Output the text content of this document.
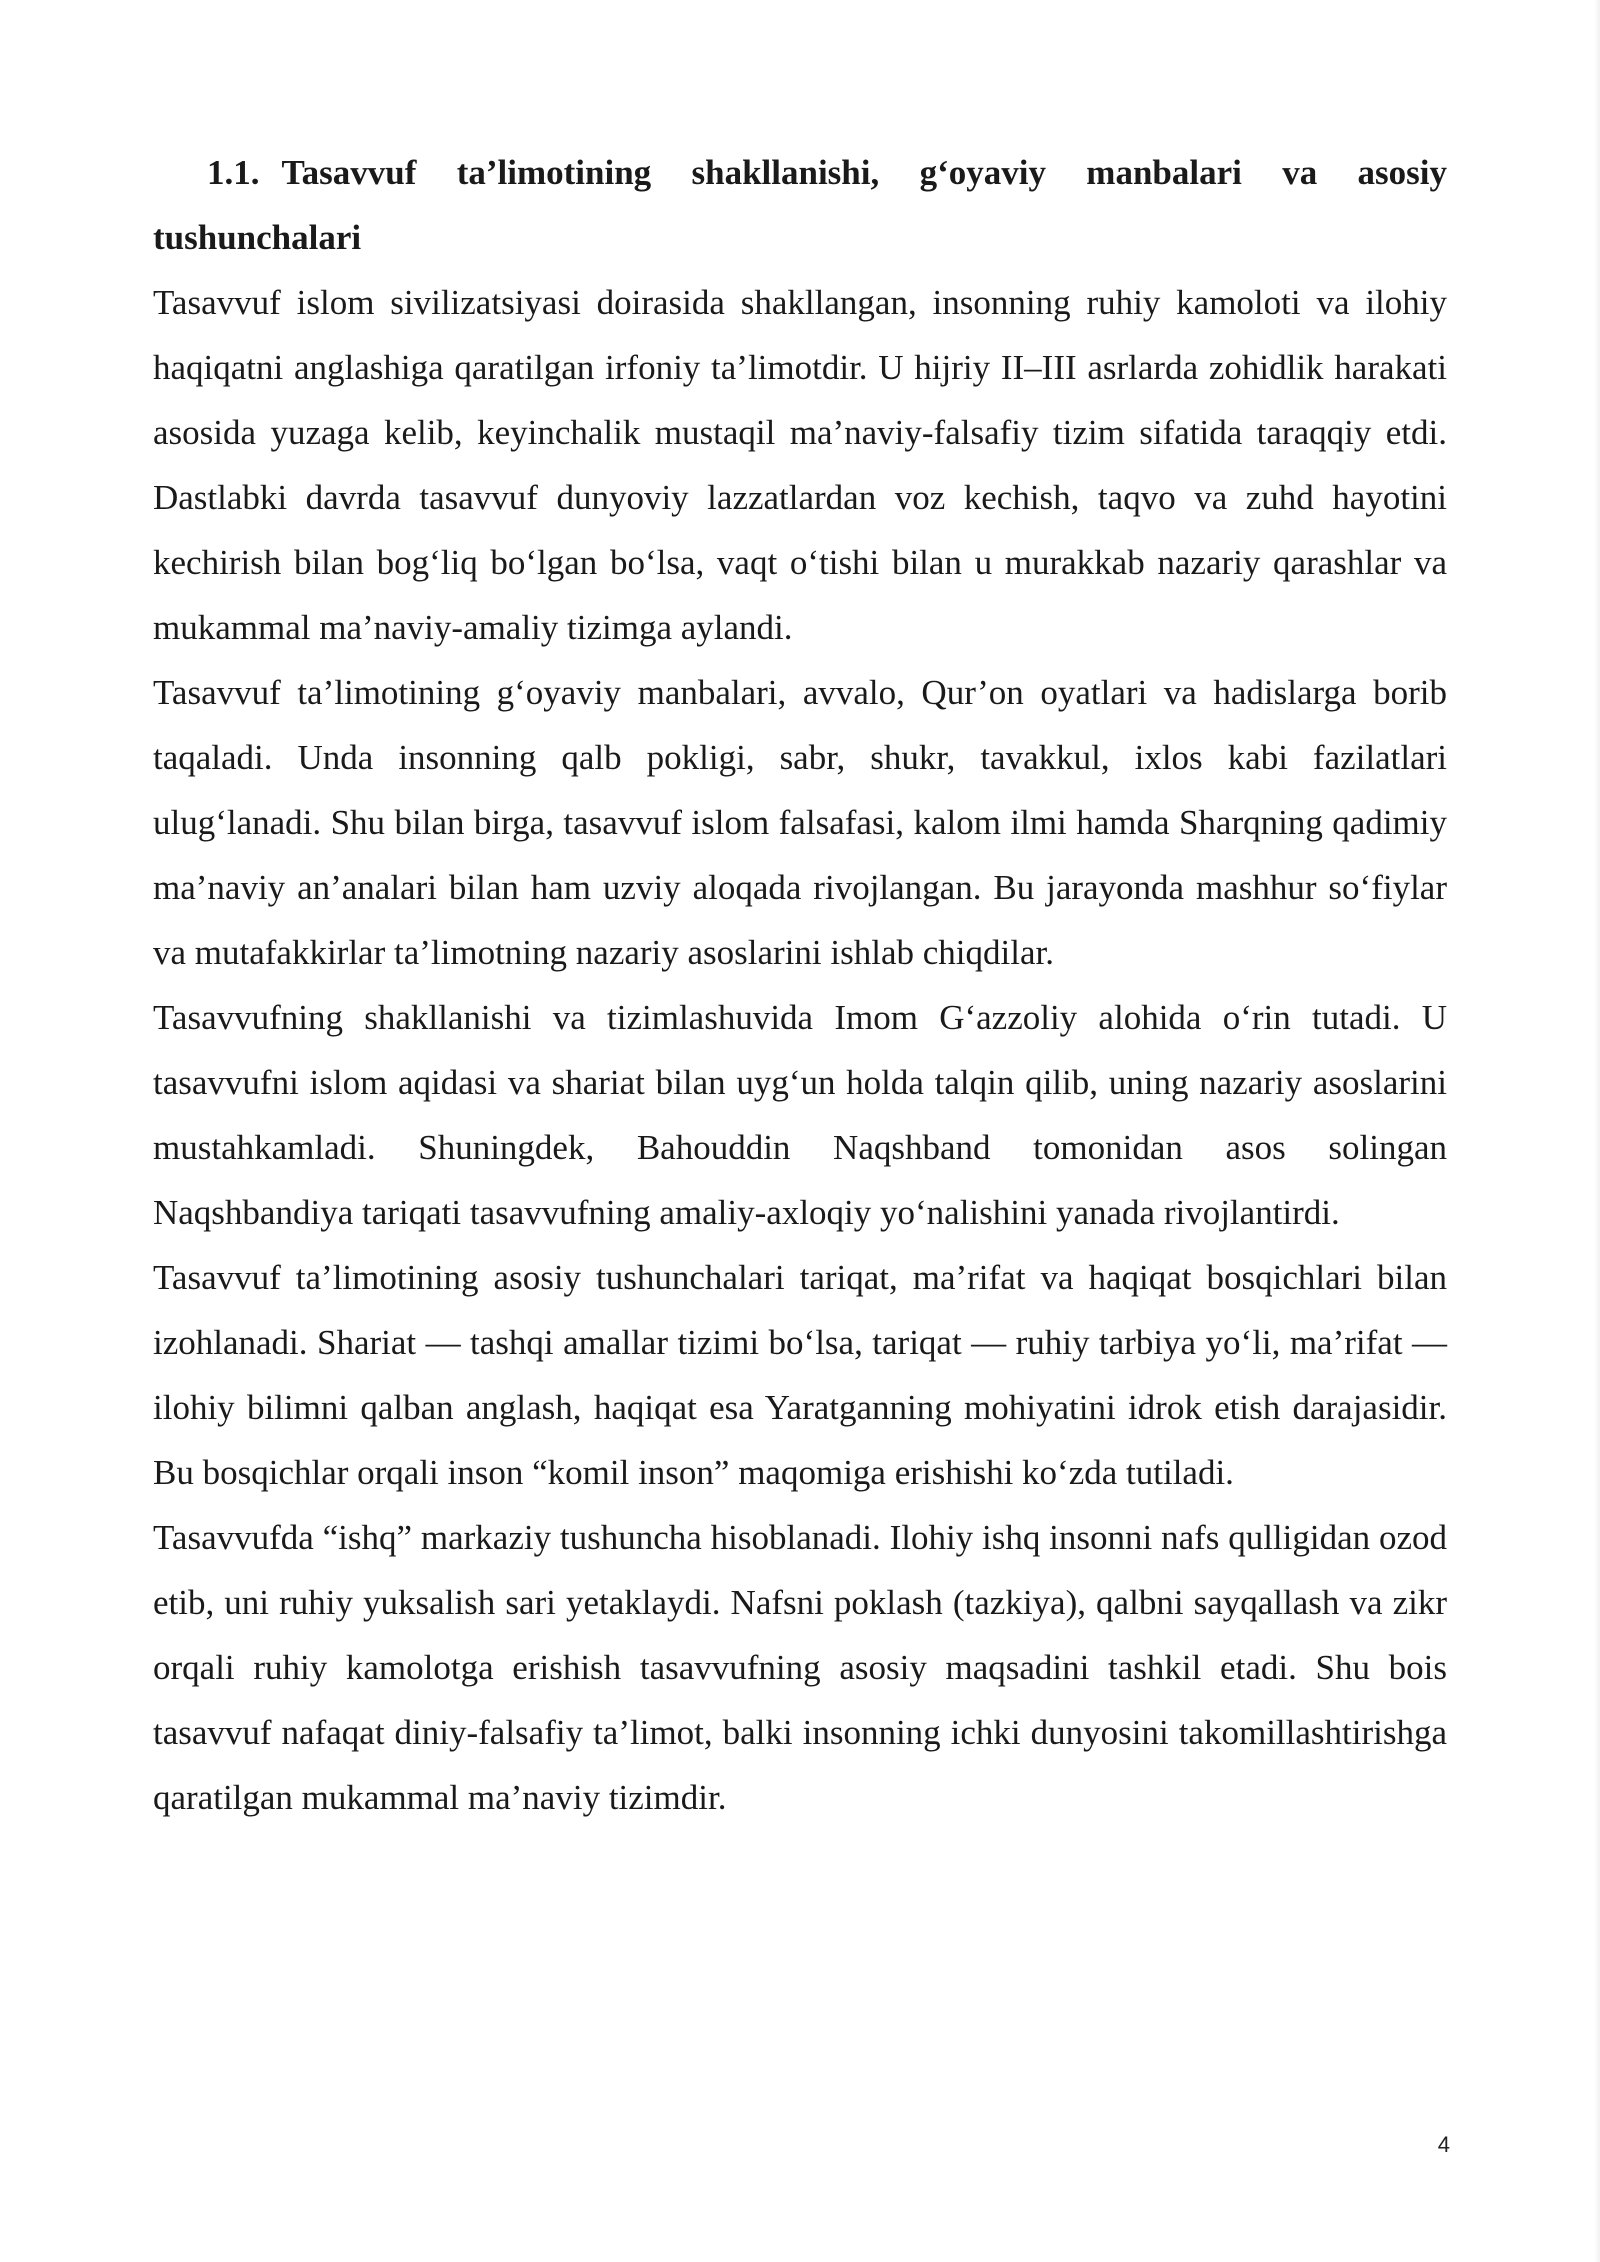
1.1. Tasavvuf ta’limotining shakllanishi, g‘oyaviy manbalari va asosiy tushunchalari

Tasavvuf islom sivilizatsiyasi doirasida shakllangan, insonning ruhiy kamoloti va ilohiy haqiqatni anglashiga qaratilgan irfoniy ta’limotdir. U hijriy II–III asrlarda zohidlik harakati asosida yuzaga kelib, keyinchalik mustaqil ma’naviy-falsafiy tizim sifatida taraqqiy etdi. Dastlabki davrda tasavvuf dunyoviy lazzatlardan voz kechish, taqvo va zuhd hayotini kechirish bilan bog‘liq bo‘lgan bo‘lsa, vaqt o‘tishi bilan u murakkab nazariy qarashlar va mukammal ma’naviy-amaliy tizimga aylandi.

Tasavvuf ta’limotining g‘oyaviy manbalari, avvalo, Qur’on oyatlari va hadislarga borib taqaladi. Unda insonning qalb pokligi, sabr, shukr, tavakkul, ixlos kabi fazilatlari ulug‘lanadi. Shu bilan birga, tasavvuf islom falsafasi, kalom ilmi hamda Sharqning qadimiy ma’naviy an’analari bilan ham uzviy aloqada rivojlangan. Bu jarayonda mashhur so‘fiylar va mutafakkirlar ta’limotning nazariy asoslarini ishlab chiqdilar.

Tasavvufning shakllanishi va tizimlashuvida Imom G‘azzoliy alohida o‘rin tutadi. U tasavvufni islom aqidasi va shariat bilan uyg‘un holda talqin qilib, uning nazariy asoslarini mustahkamladi. Shuningdek, Bahouddin Naqshband tomonidan asos solingan Naqshbandiya tariqati tasavvufning amaliy-axloqiy yo‘nalishini yanada rivojlantirdi.

Tasavvuf ta’limotining asosiy tushunchalari tariqat, ma’rifat va haqiqat bosqichlari bilan izohlanadi. Shariat — tashqi amallar tizimi bo‘lsa, tariqat — ruhiy tarbiya yo‘li, ma’rifat — ilohiy bilimni qalban anglash, haqiqat esa Yaratganning mohiyatini idrok etish darajasidir. Bu bosqichlar orqali inson “komil inson” maqomiga erishishi ko‘zda tutiladi.

Tasavvufda “ishq” markaziy tushuncha hisoblanadi. Ilohiy ishq insonni nafs qulligidan ozod etib, uni ruhiy yuksalish sari yetaklaydi. Nafsni poklash (tazkiya), qalbni sayqallash va zikr orqali ruhiy kamolotga erishish tasavvufning asosiy maqsadini tashkil etadi. Shu bois tasavvuf nafaqat diniy-falsafiy ta’limot, balki insonning ichki dunyosini takomillashtirishga qaratilgan mukammal ma’naviy tizimdir.

4
